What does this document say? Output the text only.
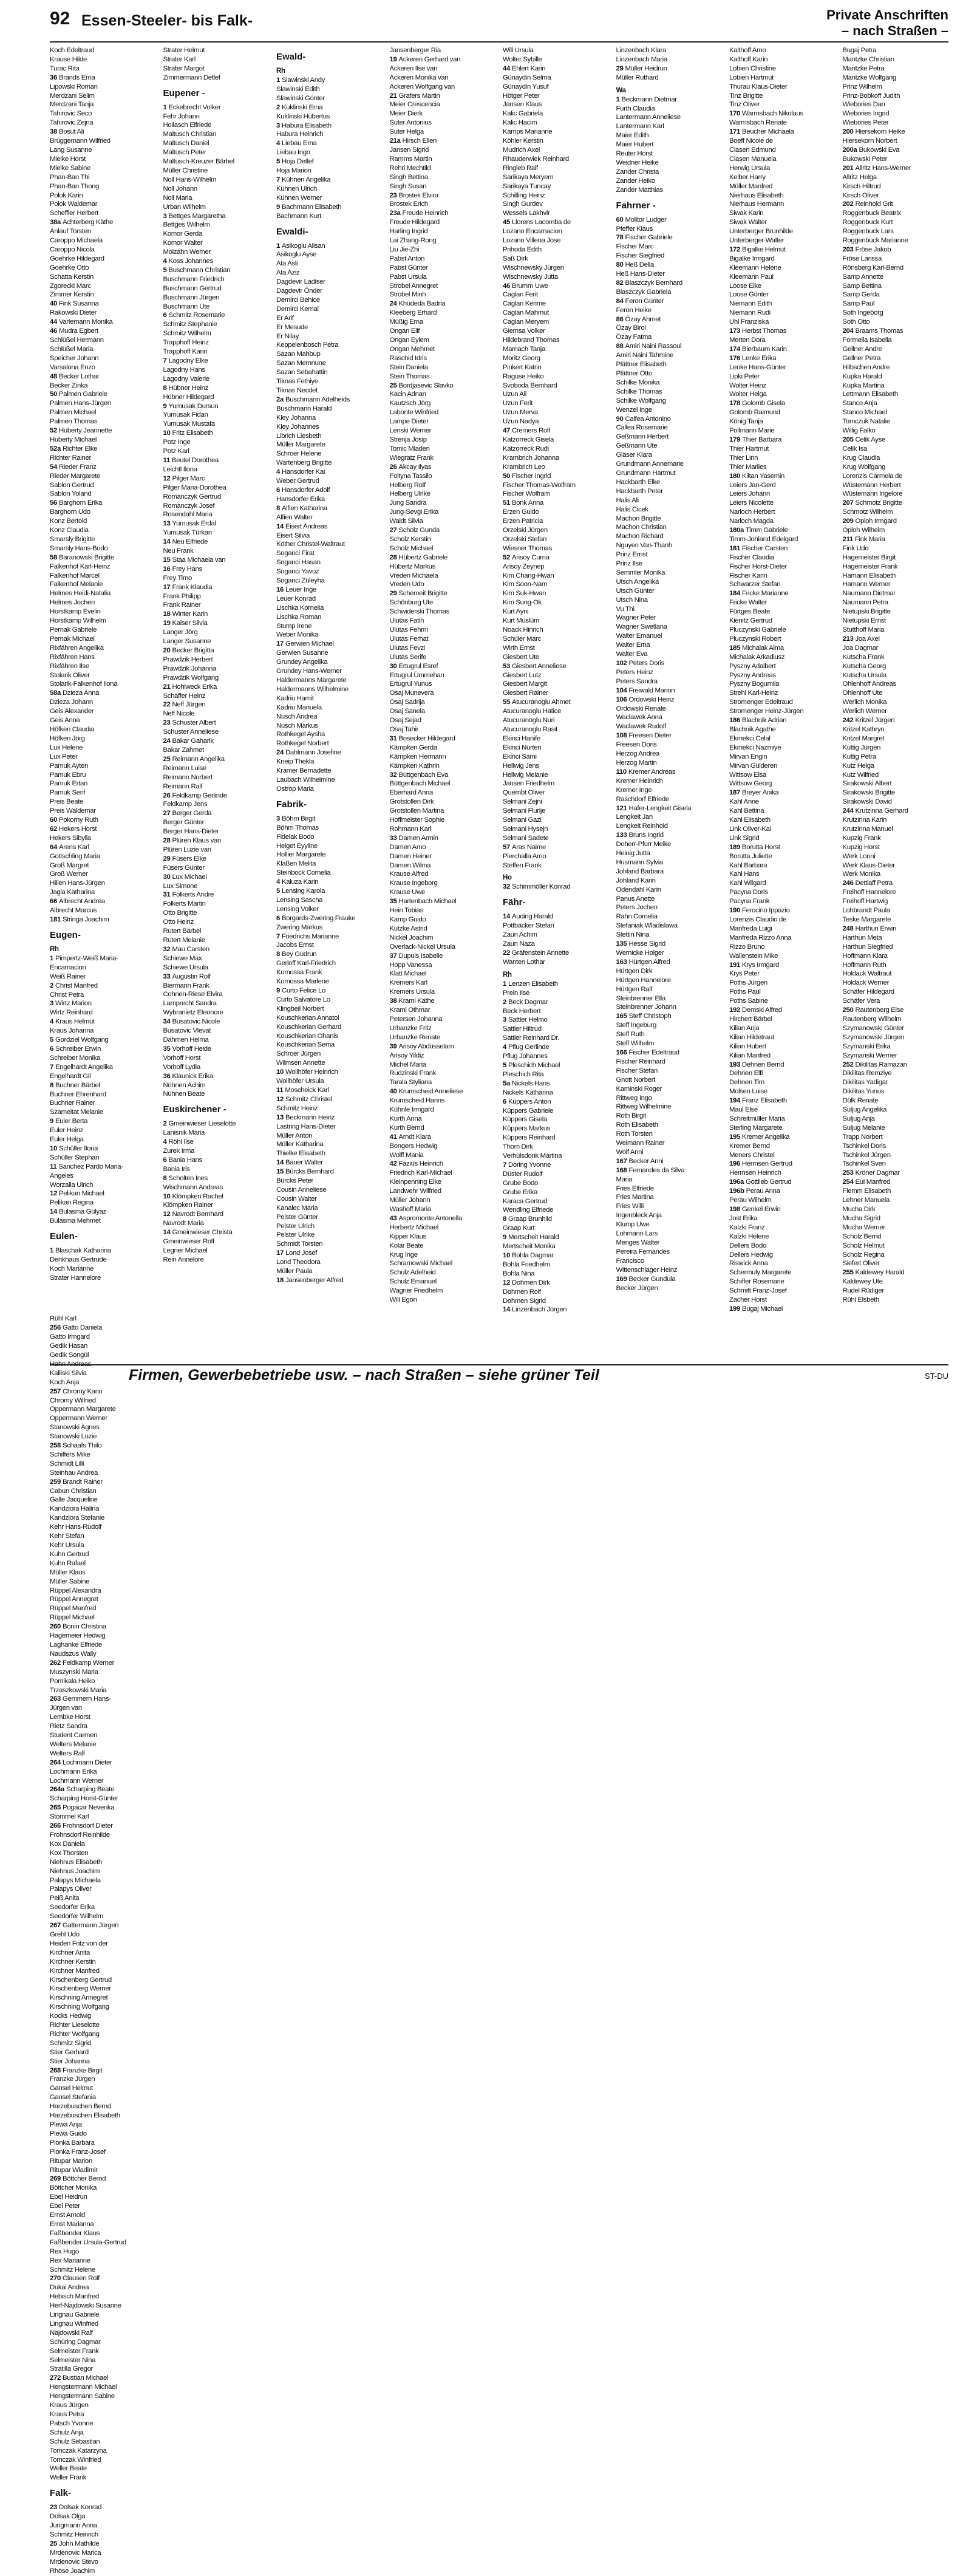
92 Essen-Steeler- bis Falk-	Private Anschriften
– nach Straßen –
Koch Edeltraud
Krause Hilde
Turac Rita
36 Brands Erna
Lipowski Roman
Merdzani Selim
Merdzani Tanja
Tahirovic Seco
Tahirovic Zejna
38 Bosut Ali
Brüggemann Wilfried
Lang Susanne
Mielke Horst
Mielke Sabine
Phan-Ban Thi
Phan-Ban Thong
Polok Karin
Polok Waldemar
Scheffler Herbert
38a Achterberg Käthe
Anlauf Torsten
Caroppo Michaela
Caroppo Nicola
Goehrke Hildegard
Goehrke Otto
Schatta Kerstin
Zgorecki Marc
Zimmer Kerstin
40 Fink Susanna
Rakowski Dieter
44 Varlemann Monika
46 Mudra Egbert
Schlüßel Hermann
Schlüßel Maria
Speicher Johann
Varsalona Enzo
48 Becker Lothar
Becker Zinka
50 Palmen Gabriele
Palmen Hans-Jürgen
Palmen Michael
Palmen Thomas
52 Huberty Jeannette
Huberty Michael
52a Richter Elke
Richter Rainer
54 Rieder Franz
Rieder Margarete
Sablon Gertrud
Sablon Yoland
56 Barghorn Erika
Barghorn Udo
Konz Bertold
Konz Claudia
Smarsly Brigitte
Smarsly Hans-Bodo
58 Baranowski Brigitte
Falkenhof Karl-Heinz
Falkenhof Marcel
Falkenhof Melanie
Helmes Heidi-Natalia
Helmes Jochen
Horstkamp Evelin
Horstkamp Wilhelm
Pernak Gabriele
Pernak Michael
Rixfähren Angelika
Rixfähren Hans
Rixfähren Ilse
Stolarik Oliver
Stolarik-Falkenhof Ilona
58a Dzieza Anna
Dzieza Johann
Geis Alexander
Geis Anna
Höfken Claudia
Höfken Jörg
Lux Helene
Lux Peter
Pamuk Ayten
Pamuk Ebru
Pamuk Ertan
Pamuk Serif
Preis Beate
Preis Waldemar
60 Pokorny Ruth
62 Hekers Horst
Hekers Sibylla
64 Arens Karl
Gottschling Maria
Groß Margret
Groß Werner
Hillen Hans-Jürgen
Jagla Katharina
66 Albrecht Andrea
Albrecht Marcus
181 Stringa Joachim
Eugen-
Rh
1 Pimpertz-Weiß Maria-
Encarnacion
Weiß Rainer
2 Christ Manfred
Christ Petra
3 Wirtz Marion
Wirtz Reinhard
4 Kraus Helmut
Kraus Johanna
5 Gordziel Wolfgang
6 Schreiber Erwin
Schreiber Monika
7 Engelhardt Angelika
Engelhardt Gil
8 Buchner Bärbel
Buchner Ehrenhard
Buchner Rainer
Szameitat Melanie
9 Euler Berta
Euler Heinz
Euler Helga
10 Schüller Ilona
Schüller Stephan
11 Sanchez Pardo Maria-
Angeles
Worzalla Ulrich
12 Pelikan Michael
Pelikan Regina
14 Bulasma Gülyaz
Bulasma Mehmet
Eulen-
1 Blaschak Katharina
Denkhaus Gertrude
Koch Marianne
Strater Hannelore
Strater Helmut
Strater Karl
Strater Margot
Zimmermann Detlef
Eupener -
1 Eckebrecht Volker
Fehr Johann
Hollasch Elfriede
Maltusch Christian
Maltusch Daniel
Maltusch Peter
Maltusch-Kreuzer Bärbel
Müller Christine
Noll Hans-Wilhelm
Noll Johann
Noll Maria
Urban Wilhelm
3 Bettges Margaretha
Bettges Wilhelm
Komor Gerda
Komor Walter
Molzahn Werner
4 Koss Johannes
5 Buschmann Christian
Buschmann Friedrich
Buschmann Gertrud
Buschmann Jürgen
Buschmann Ute
6 Schmitz Rosemarie
Schmitz Stephanie
Schmitz Wilhelm
Trapphoff Heinz
Trapphoff Karin
7 Lagodny Elke
Lagodny Hans
Lagodny Valerie
8 Hübner Heinz
Hübner Hildegard
9 Yumusak Dursun
Yumusak Fidan
Yumusak Mustafa
10 Fritz Elisabeth
Potz Inge
Potz Karl
11 Beutel Dorothea
Leichtl Ilona
12 Pilger Marc
Pilger Maria-Dorothea
Romanczyk Gertrud
Romanczyk Josef
Rosendahl Maria
13 Yumusak Erdal
Yumusak Türkan
14 Neu Elfriede
Neu Frank
15 Staa Michaela van
16 Frey Hans
Frey Timo
17 Frank Klaudia
Frank Philipp
Frank Rainer
18 Winter Karin
19 Kaiser Silvia
Langer Jörg
Langer Susanne
20 Becker Brigitta
Prawdzik Herbert
Prawdzik Johanna
Prawdzik Wolfgang
21 Hohlweck Erika
Schäffer Heinz
22 Neff Jürgen
Neff Nicole
23 Schuster Albert
Schuster Anneliese
24 Bakar Gaharik
Bakar Zahmet
25 Reimann Angelika
Reimann Luise
Reimann Norbert
Reimann Ralf
26 Feldkamp Gerlinde
Feldkamp Jens
27 Berger Gerda
Berger Günter
Berger Hans-Dieter
28 Plüren Klaus van
Plüren Luzie van
29 Füsers Elke
Füsers Günter
30 Lux Michael
Lux Simone
31 Folkerts Andre
Folkerts Martin
Otto Brigitte
Otto Heinz
Rutert Bärbel
Rutert Melanie
32 Mau Carsten
Schiewe Max
Schiewe Ursula
33 Augustin Rolf
Biermann Frank
Cohnen-Riese Elvira
Lamprecht Sandra
Wybranietz Eleonore
34 Busatovic Nicole
Busatovic Vlevat
Dahmen Helma
35 Vorhoff Heide
Vorhoff Horst
Vorhoff Lydia
36 Klaunick Erika
Nühnen Achim
Nühnen Beate
Euskirchener -
2 Gmeinwieser Lieselotte
Lanisnik Maria
4 Röhl Ilse
Zurek Irma
6 Bania Hans
Bania Iris
8 Scholten Ines
Wischmann Andreas
10 Klömpken Rachel
Klömpken Rainer
12 Navrodt Bernhard
Navrodt Maria
14 Gmeinwieser Christa
Gmeinwieser Rolf
Legner Michael
Rein Annelore
Ewald-
Rh
1 Slawinski Andy
Slawinski Edith
Slawinski Günter
2 Kuklinski Erna
Kuklinski Hubertus
3 Habura Elisabeth
Habura Heinrich
4 Liebau Erna
Liebau Ingo
5 Hoja Detlef
Hoja Marion
7 Kühnen Angelika
Kühnen Ulrich
Kühnen Werner
9 Bachmann Elisabeth
Bachmann Kurt
Ewaldi-
1 Asikoglu Alisan
Asikoglu Ayse
Ata Asli
Ata Aziz
Dagdevir Ladiser
Dagdevir Önder
Demirci Behice
Demirci Kemal
Er Arif
Er Mesude
Er Nilay
Keppelenbosch Petra
Sazan Mahbup
Sazan Memnune
Sazan Sebahattin
Tiknas Fethiye
Tiknas Necdet
2a Buschmann Adelheids
Buschmann Harald
Kley Johanna
Kley Johannes
Librich Liesbeth
Müller Margarete
Schroer Helene
Wartenberg Brigitte
4 Hansdorfer Kai
Weber Gertrud
6 Hansdorfer Adolf
Hansdorfer Erika
8 Alfien Katharina
Alfien Walter
14 Eisert Andreas
Eisert Silvia
Köther Christel-Waltraut
Soganci Firat
Soganci Hasan
Soganci Yavuz
Soganci Züleyha
16 Leuer Inge
Leuer Konrad
Lischka Kornelia
Lischka Roman
Stump Irene
Weber Monika
17 Gerwien Michael
Gerwien Susanne
Grundey Angelika
Grundey Hans-Werner
Haldermanns Margarete
Haldermanns Wilhelmine
Kadriu Hamit
Kadriu Manuela
Nusch Andrea
Nusch Markus
Rothkegel Aysha
Rothkegel Norbert
24 Dahlmann Josefine
Kneip Thekla
Kramer Bernadette
Laubach Wilhelmine
Ostrop Maria
Fabrik-
3 Böhm Birgit
Böhm Thomas
Fidelak Bodo
Helget Eyyline
Hollier Margarete
Klaßen Melita
Steinbock Cornelia
4 Kaluza Karin
5 Lensing Karola
Lensing Sascha
Lensing Volker
6 Borgards-Zwering Frauke
Zwering Markus
7 Friedrichs Marianne
Jacobs Ernst
8 Bey Gudrun
Gerloff Karl-Friedrich
Komossa Frank
Komossa Marlene
9 Curto Felice Lo
Curto Salvatore Lo
Klingbeil Norbert
Kouschkerian Annatol
Kouschkerian Gerhard
Kouschkerian Ohanis
Kouschkerian Sema
Schroer Jürgen
Wilmsen Annette
10 Wollhöfer Heinrich
Wollhöfer Ursula
11 Moscheick Karl
12 Schmitz Christel
Schmitz Heinz
13 Beckmann Heinz
Lastring Hans-Dieter
Müller Anton
Müller Katharina
Thielke Elisabeth
14 Bauer Walter
15 Bürcks Bernhard
Bürcks Peter
Cousin Anneliese
Cousin Walter
Kanalec Maria
Pelster Günter
Pelster Ulrich
Pelster Ulrike
Schmidt Torsten
17 Lond Josef
Lond Theodora
Müller Paula
18 Jansenberger Alfred
Jansenberger Ria
19 Ackeren Gerhard van
Ackeren Ilse van
Ackeren Monika van
Ackeren Wolfgang van
21 Grafers Martin
Meier Crescencia
Meier Dierk
Suter Antonius
Suter Helga
21a Hirsch Ellen
Jansen Sigrid
Ramms Martin
Rehri Mechtild
Singh Bettina
Singh Susan
23 Brostek Elvira
Brostek Erich
23a Freude Heinrich
Freude Hildegard
Harling Ingrid
Lai Zhang-Rong
Liu Jie-Zhi
Pabst Anton
Pabst Günter
Pabst Ursula
Strobel Annegret
Strobel Minh
24 Khudeda Badria
Kleeberg Erhard
Müßig Erna
Ongan Elif
Ongan Eylem
Ongan Mehmet
Raschid Idris
Stein Daniela
Stein Thomas
25 Bordjasevic Slavko
Kacin Adnan
Kautzsch Jörg
Labonte Winfried
Lampe Dieter
Lenski Werner
Strenja Josip
Tomic Mladen
Wiegratz Frank
26 Akcay Ilyas
Foltyna Tassilo
Helberg Rolf
Helberg Ulrike
Jung Sandra
Jung-Sevgi Erika
Waldt Silvia
27 Scholz Gunda
Scholz Kerstin
Scholz Michael
28 Hübertz Gabriele
Hübertz Markus
Vreden Michaela
Vreden Udo
29 Schemeit Brigitte
Schönburg Ute
Schwiderski Thomas
Ulutas Fatih
Ulutas Fehmi
Ulutas Ferhat
Ulutas Fevzi
Ulutas Serife
30 Ertugrul Esref
Ertugrul Ümmehan
Ertugrul Yunus
Osaj Munevera
Osaj Sadrija
Osaj Sanela
Osaj Sejad
Osaj Tahir
31 Bosecker Hildegard
Kämpken Gerda
Kämpken Hermann
Kämpken Kathrin
32 Büttgenbach Eva
Büttgenbach Michael
Eberhard Anna
Grotstollen Dirk
Grotstollen Martina
Hoffmeister Sophie
Rohmann Karl
33 Damen Armin
Damen Arno
Damen Heiner
Damen Wilma
Krause Alfred
Krause Ingeborg
Krause Uwe
35 Hartenbach Michael
Hein Tobias
Kamp Guido
Kutzke Astrid
Nickel Joachim
Overlack-Nickel Ursula
37 Dupuis Isabelle
Hopp Vanessa
Klatt Michael
Kremers Karl
Kremers Ursula
38 Kraml Käthe
Kraml Othmar
Petersen Johanna
Urbanzke Fritz
Urbanzke Renate
39 Arisoy Abdüsselam
Arisoy Yildiz
Michel Maria
Rudzinski Frank
Tarala Styliana
40 Krumscheid Anneliese
Krumscheid Hanns
Kühnle Irmgard
Kurth Anna
Kurth Bernd
41 Arndt Klara
Bongers Hedwig
Wolff Mania
42 Fazius Heinrich
Friedrich Karl-Michael
Kleinpenning Elke
Landwehr Wilfried
Müller Johann
Washoff Maria
43 Aspromonte Antonella
Herbertz Michael
Kipper Klaus
Kolar Beate
Krug Inge
Schramowski Michael
Schulz Adelheid
Schulz Emanuel
Wagner Friedhelm
Will Egon
Will Ursula
Wolter Sybille
44 Ehlert Karin
Günaydin Selma
Günaydin Yusuf
Hötger Peter
Jansen Klaus
Kalic Gabriela
Kalic Hacim
Kamps Marianne
Köhler Kerstin
Mudrich Axel
Rhauderwiek Reinhard
Ringleb Ralf
Sarikaya Meryem
Sarikaya Tuncay
Schilling Heinz
Singh Gurdev
Wessels Lakhvir
45 Llorens Lacomba de
Lozano Encarnacion
Lozano Villena Jose
Prihoda Edith
Saß Dirk
Wischnewsky Jürgen
Wischnewsky Jutta
46 Brumm Uwe
Caglan Ferit
Caglan Kerime
Caglan Mahmut
Caglan Meryem
Giemsa Volker
Hildebrand Thomas
Marnach Tanja
Moritz Georg
Pinkert Katrin
Raguse Heiko
Svoboda Bernhard
Uzun Ali
Uzun Ferit
Uzun Merva
Uzun Nadya
47 Cremers Rolf
Katzorreck Gisela
Katzorreck Rudi
Krambrich Johanna
Krambrich Leo
50 Fischer Ingrid
Fischer Thomas-Wolfram
Fischer Wolfram
51 Bonk Anna
Erzen Guido
Erzen Patricia
Orzelski Jürgen
Orzelski Stefan
Wiesner Thomas
52 Arisoy Curna
Arisoy Zeynep
Kim Chang-Hwan
Kim Soon-Nam
Kim Suk-Hwan
Kim Sung-Ok
Kurt Ayni
Kurt Müslüm
Noack Hinrich
Schüler Marc
Wirth Ernst
Giesbert Ute
53 Giesbert Anneliese
Giesbert Lutz
Giesbert Margit
Giesbert Rainer
55 Atucuranoglu Ahmet
Atucuranoglu Hatice
Atucuranoglu Nuri
Atucuranoglu Rasit
Ekinci Hanife
Ekinci Nurten
Ekinci Sami
Hellwig Jens
Hellwig Melanie
Jansen Friedhelm
Quernbt Oliver
Selmani Zejni
Selmani Flurije
Selmani Gazi
Selmani Hysejn
Selmani Sadete
57 Aras Naime
Pierchalla Arno
Steffen Frank
Ho
32 Schimmöller Konrad
Fähr-
14 Auding Harald
Pottbäcker Stefan
Zaun Achim
Zaun Naza
22 Gräfenstein Annette
Wanten Lothar
Rh
1 Lenzen Elisabeth
Prein Ilse
2 Beck Dagmar
Beck Herbert
3 Sattler Helmo
Sattler Hiltrud
Sattler Reinhard Dr.
4 Pflug Gerlinde
Pflug Johannes
5 Pleschich Michael
Pleschich Rita
5a Nickels Hans
Nickels Katharina
6 Küppers Anton
Küppers Gabriele
Küppers Gisela
Küppers Markus
Küppers Reinhard
Thom Dirk
Verhülsdonk Martina
7 Döring Yvonne
Düster Rudolf
Grube Bodo
Grube Erika
Karaca Gertrud
Wendling Elfriede
8 Graap Brunhild
Graap Kurt
9 Mertscheit Harald
Mertscheit Monika
10 Bohla Dagmar
Bohla Friedhelm
Bohla Nina
12 Dohmen Dirk
Dohmen Rolf
Dohmen Sigrid
14 Linzenbach Jürgen
Linzenbach Klara
Linzenbach Maria
29 Müller Heidrun
Müller Ruthard
Wa
1 Beckmann Dietmar
Furth Claudia
Lantermann Anneliese
Lantermann Karl
Maier Edith
Maier Hubert
Reuter Horst
Weidner Heike
Zander Christa
Zander Heiko
Zander Matthias
Fahrner -
60 Molitor Ludger
Pfeffer Klaus
78 Fischer Gabriele
Fischer Marc
Fischer Siegfried
80 Heß Della
Heß Hans-Dieter
82 Blaszczyk Bernhard
Blaszczyk Gabriela
84 Feron Günter
Feron Heike
86 Özay Ahmet
Özay Birol
Özay Fatma
88 Amiri Naini Rassoul
Amiri Naini Tahmine
Plättner Elisabeth
Plättner Otto
Schilke Monika
Schilke Thomas
Schilke Wolfgang
Wenzel Inge
90 Calfea Antonino
Callea Rosemarie
Geßmann Herbert
Geßmann Ute
Gläser Klara
Grundmann Annemarie
Grundmann Hartmut
Hackbarth Elke
Hackbarth Peter
Halis Ali
Halis Cicek
Machon Brigitte
Machon Christian
Machon Richard
Nguyen Van-Thanh
Prinz Ernst
Prinz Ilse
Semmler Monika
Utsch Angelika
Utsch Günter
Utsch Nina
Vu Thi
Wagner Peter
Wagner Swetlana
Walter Emanuel
Walter Erna
Walter Eva
102 Peters Doris
Peters Heinz
Peters Sandra
104 Freiwald Marion
106 Ordowski Heinz
Ordowski Renate
Waclawek Anna
Waclawek Rudolf
108 Freesen Dieter
Freesen Doris
Herzog Andrea
Herzog Martin
110 Kremer Andreas
Kremer Heinrich
Kremer Inge
Raschdorf Elfriede
121 Hafer-Lengkeit Gisela
Lengkeit Jan
Lengkeit Reinhold
133 Bruns Ingrid
Doherr-Pfurr Meike
Heinig Jutta
Husmann Sylvia
Johland Barbara
Johland Karin
Odendahl Karin
Panus Anette
Peters Jochen
Rahn Cornelia
Stefaniak Wladislawa
Stettin Nina
135 Hesse Sigrid
Wernicke Holger
163 Hürtgen Alfred
Hürtgen Dirk
Hürtgen Hannelore
Hürtgen Ralf
Steinbrenner Ella
Steinbrenner Johann
165 Steff Christoph
Steff Ingeburg
Steff Ruth
Steff Wilhelm
166 Fischer Edeltraud
Fischer Reinhard
Fischer Stefan
Gnott Norbert
Kaminski Roger
Rittweg Ingo
Rittweg Wilhelmine
Roth Birgit
Roth Elisabeth
Roth Torsten
Weimann Rainer
Wolf Anni
167 Becker Anni
168 Fernandes da Silva
Maria
Fries Elfriede
Fries Martina
Fries Willi
Ingenbleck Anja
Klump Uwe
Lohmann Lars
Menges Walter
Pereira Fernandes
Francisco
Wittenschläger Heinz
169 Becker Gundula
Becker Jürgen
Kalthoff Arno
Kalthoff Karin
Lobien Christine
Lobien Hartmut
Thurau Klaus-Dieter
Tinz Brigitte
Tinz Oliver
170 Warmsbach Nikolaus
Warmsbach Renate
171 Beucher Michaela
Boeff Nicole de
Clasen Edmund
Clasen Manuela
Herwig Ursula
Kelber Harry
Müller Manfred
Nierhaus Elisabeth
Nierhaus Hermann
Siwak Karin
Siwak Walter
Unterberger Brunhilde
Unterberger Walter
172 Bigalke Helmut
Bigalke Irmgard
Kleemann Helene
Kleemann Paul
Loose Elke
Loose Günter
Niemann Edith
Niemann Rudi
Uhl Franziska
173 Herbst Thomas
Merten Dora
174 Bierbaum Karin
176 Lenke Erika
Lenke Hans-Günter
Lipki Peter
Wolter Heinz
Wolter Helga
178 Golomb Gisela
Golomb Raimund
König Tanja
Pollmann Marie
179 Thier Barbara
Thier Hartmut
Thier Linn
Thier Marlies
180 Kiltan Yasemin
Leiers Jan-Gerd
Leiers Johann
Leiers Nicolette
Narloch Herbert
Narloch Magda
180a Timm Gabriele
Timm-Johland Edelgard
181 Fischer Carsten
Fischer Claudia
Fischer Horst-Dieter
Fischer Karin
Schwarzer Stefan
184 Fricke Marianne
Fricke Walter
Fürtges Beate
Kienitz Gertrud
Pluczynski Gabriele
Pluczynski Robert
185 Michalak Alma
Michalak Arkadiusz
Pyszny Adalbert
Pyszny Andreas
Pyszny Bogumila
Strehl Karl-Heinz
Stromenger Edeltraud
Stromenger Heinz-Jürgen
186 Blachnik Adrian
Blachnik Agathe
Ekmekci Celal
Ekmekci Nazmiye
Mirvan Engin
Mirvan Gülderen
Wittsow Elsa
Wittsow Georg
187 Breyer Anika
Kahl Anne
Kahl Bettina
Kahl Elisabeth
Link Oliver-Kai
Link Sigrid
189 Borutta Horst
Borutta Juliette
Kahl Barbara
Kahl Hans
Kahl Wilgard
Pacyna Doris
Pacyna Frank
190 Ferocino Ippazio
Lorenzis Claudio de
Manfreda Luigi
Manfreda Rizzo Anna
Rizzo Bruno
Wallenstein Mike
191 Krys Irmgard
Krys Peter
Poths Jürgen
Poths Paul
Poths Sabine
192 Demski Alfred
Hirchert Bärbel
Kilian Anja
Kilian Hildetraut
Kilian Hubert
Kilian Manfred
193 Dehnen Bernd
Dehnen Elfi
Dehnen Tim
Molsen Luise
194 Franz Elisabeth
Maul Else
Schreitmüller Maria
Sterling Margarete
195 Kremer Angelika
Kremer Bernd
Meners Christel
196 Hermsen Gertrud
Hermsen Heinrich
196a Gottlieb Gertrud
196b Perau Anna
Perau Wilhelm
198 Genkel Erwin
Jost Erika
Kalzki Franz
Kalzki Helene
Dellers Bodo
Dellers Hedwig
Riswick Anna
Schermuly Margarete
Schiffer Rosemarie
Schmitt Franz-Josef
Zacher Horst
199 Bugaj Michael
Bugaj Petra
Mantzke Christian
Mantzke Petra
Mantzke Wolfgang
Prinz Wilhelm
Prinz-Bobkoff Judith
Wiebories Dan
Wiebories Ingrid
Wiebories Peter
200 Hiersekorn Heike
Hiersekorn Norbert
200a Bukowski Eva
Bukowski Peter
201 Allritz Hans-Werner
Allritz Helga
Kirsch Hiltrud
Kirsch Oliver
202 Reinhold Grit
Roggenbuck Beatrix
Roggenbuck Kurt
Roggenbuck Lars
Roggenbuck Marianne
203 Fröse Jakob
Fröse Larissa
Rönsberg Karl-Bernd
Samp Annette
Samp Bettina
Samp Gerda
Samp Paul
Soth Ingeborg
Soth Otto
204 Braams Thomas
Formella Isabella
Gellner Andre
Gellner Petra
Hilbschen Andre
Kupka Harald
Kupka Martina
Lettmann Elisabeth
Stanco Anja
Stanco Michael
Tomczuk Natalie
Willig Falko
205 Celik Ayse
Celik Isa
Krug Claudia
Krug Wolfgang
Lorenzis Carmela de
Wüstemann Herbert
Wüstemann Ingelore
207 Schmotz Brigitte
Schmotz Wilhelm
209 Oploh Irmgard
Oploh Wilhelm
211 Fink Maria
Fink Udo
Hagemeister Birgit
Hagemeister Frank
Hamann Elisabeth
Hamann Werner
Naumann Dietmar
Naumann Petra
Nietupski Brigitte
Nietupski Ernst
Stutthoff Maria
213 Joa Axel
Joa Dagmar
Kutscha Frank
Kutscha Georg
Kutscha Ursula
Ohlenhoff Andreas
Ohlenhoff Ute
Werlich Monika
Werlich Werner
242 Kritzel Jürgen
Kritzel Kathryn
Kritzel Margret
Kuttig Jürgen
Kuttig Petra
Kutz Helga
Kutz Wilfried
Sirakowski Albert
Sirakowski Brigitte
Sirakowski David
244 Krutzinna Gerhard
Krutzinna Karin
Krutzinna Manuel
Kupzig Frank
Kupzig Horst
Werk Lonni
Werk Klaus-Dieter
Werk Monika
246 Dettlaff Petra
Freihoff Hannelore
Freihoff Hartwig
Lohbrandt Paula
Teske Margarete
248 Harthun Erwin
Harthun Meta
Harthun Siegfried
Hoffmann Klara
Hoffmann Ruth
Holdack Waltraut
Holdack Werner
Schäfer Hildegard
Schäfer Vera
250 Rautenberg Else
Rautenberg Wilhelm
Szymanowski Günter
Szymanowski Jürgen
Szymanski Erika
Szymanski Werner
252 Dikilitas Ramazan
Dikilitas Remziye
Dikilitas Yadigar
Dikilitas Yunus
Dülk Renate
Suljug Angelika
Suljug Anja
Suljug Melanie
Trapp Norbert
Tschinkel Doris
Tschinkel Jürgen
Tschinkel Sven
253 Kröner Dagmar
254 Eul Manfred
Flemm Elisabeth
Lehner Manuela
Mucha Dirk
Mucha Sigrid
Mucha Werner
Scholz Bernd
Scholz Helmut
Scholz Regina
Siefert Oliver
255 Kaldewey Harald
Kaldewey Ute
Rudel Rüdiger
Rühl Elsbeth
Rühl Karl
256 Gatto Daniela
Gatto Irmgard
Gedik Hasan
Gedik Songül
Kalliski Silvia
Koch Anja
257 Chromy Karin
Chromy Wilfried
Oppermann Margarete
Oppermann Werner
Stanowski Agnes
Stanowski Luzie
258 Schaafs Thilo
Schiffers Mike
Schmidt Lilli
Steinhau Andrea
259 Brandt Rainer
Cabun Christian
Galle Jacqueline
Kandziora Halina
Kandziora Stefanie
Kehr Hans-Rudolf
Kehr Stefan
Kehr Ursula
Kuhn Gertrud
Kuhn Rafael
Müller Klaus
Müller Sabine
Rüppel Alexandra
Rüppel Annegret
Rüppel Manfred
Rüppel Michael
260 Bonin Christina
Hagemeier Hedwig
Laghanke Elfriede
Naudszus Wally
262 Feldkamp Werner
Muszynski Maria
Pomikala Heiko
Trzaszkowski Maria
263 Gemmern Hans-
Jürgen van
Lembke Horst
Rietz Sandra
Student Carmen
Welters Melanie
Welters Ralf
264 Lochmann Dieter
Lochmann Erika
Lochmann Werner
264a Scharping Beate
Scharping Horst-Günter
265 Pogacar Nevenka
Stommel Karl
266 Frohnsdorf Dieter
Frohnsdorf Reinhilde
Kox Daniela
Kox Thorsten
Niehnus Elisabeth
Niehnus Joachim
Palapys Michaela
Palapys Oliver
Peiß Anita
Seedorfer Erika
Seedorfer Wilhelm
267 Gattermann Jürgen
Grehl Udo
Heiden Fritz von der
Kirchner Anita
Kirchner Kerstin
Kirchner Manfred
Kirschenberg Gertrud
Kirschenberg Werner
Kirschning Annegret
Kirschning Wolfgang
Kocks Hedwig
Richter Lieselotte
Richter Wolfgang
Schmitz Sigrid
Stier Gerhard
Stier Johanna
268 Franzke Birgit
Franzke Jürgen
Gansel Helmut
Gansel Stefania
Harzebuschen Bernd
Harzebuschen Elisabeth
Plewa Anja
Plewa Guido
Plonka Barbara
Plonka Franz-Josef
Ritupar Marion
Ritupar Wladimir
269 Böttcher Bernd
Böttcher Monika
Ebel Heidrun
Ebel Peter
Ernst Arnold
Ernst Marianna
Faßbender Klaus
Faßbender Ursula-Gertrud
Rex Hugo
Rex Marianne
Schmitz Helene
270 Clausen Rolf
Dukai Andrea
Hebisch Manfred
Herf-Najdowski Susanne
Lingnau Gabriele
Lingnau Winfried
Najdowski Ralf
Schüring Dagmar
Selmeister Frank
Selmeister Nina
Stratilla Gregor
272 Bustian Michael
Hengstermann Michael
Hengstermann Sabine
Kraus Jürgen
Kraus Petra
Patsch Yvonne
Schulz Anja
Schulz Sebastian
Tomczak Katarzyna
Tomczak Winfried
Weller Beate
Weller Frank
Falk-
23 Dolsak Konrad
Dolsak Olga
Jungmann Anna
Schmitz Heinrich
25 John Mathilde
Mrdenovic Marica
Mrdenovic Stevo
Rhöse Joachim
Firmen, Gewerbebetriebe usw. – nach Straßen – siehe grüner Teil	ST-DU
